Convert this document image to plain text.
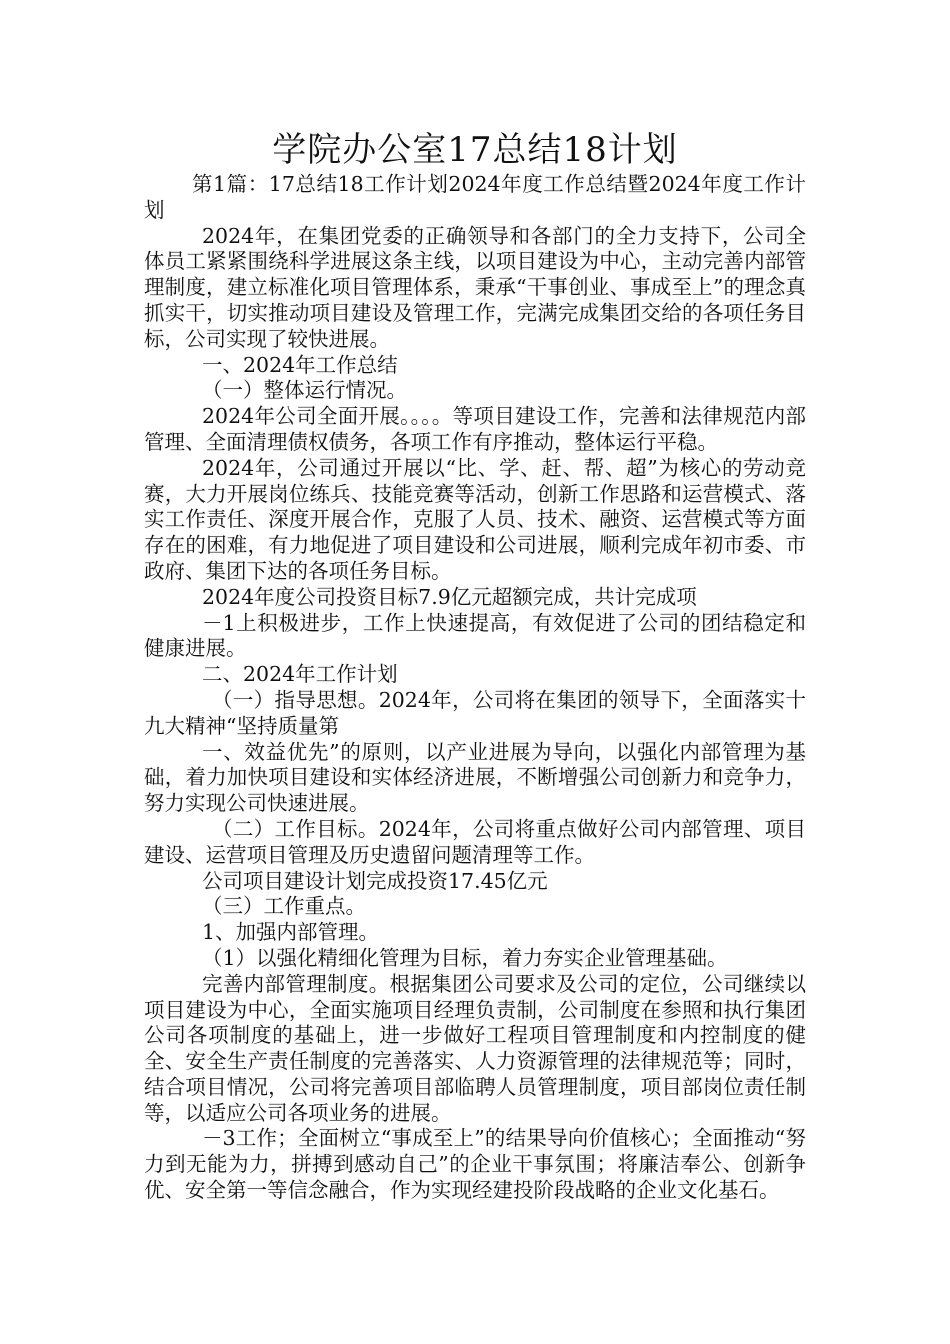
学院办公室17总结18计划

第1篇：17总结18工作计划2024年度工作总结暨2024年度工作计划

2024年，在集团党委的正确领导和各部门的全力支持下，公司全体员工紧紧围绕科学进展这条主线，以项目建设为中心，主动完善内部管理制度，建立标准化项目管理体系，秉承“干事创业、事成至上”的理念真抓实干，切实推动项目建设及管理工作，完满完成集团交给的各项任务目标，公司实现了较快进展。

一、2024年工作总结

（一）整体运行情况。

2024年公司全面开展。。。。等项目建设工作，完善和法律规范内部管理、全面清理债权债务，各项工作有序推动，整体运行平稳。

2024年，公司通过开展以“比、学、赶、帮、超”为核心的劳动竞赛，大力开展岗位练兵、技能竞赛等活动，创新工作思路和运营模式、落实工作责任、深度开展合作，克服了人员、技术、融资、运营模式等方面存在的困难，有力地促进了项目建设和公司进展，顺利完成年初市委、市政府、集团下达的各项任务目标。

2024年度公司投资目标7.9亿元超额完成，共计完成项

－1上积极进步，工作上快速提高，有效促进了公司的团结稳定和健康进展。

二、2024年工作计划

（一）指导思想。2024年，公司将在集团的领导下，全面落实十九大精神“坚持质量第

一、效益优先”的原则，以产业进展为导向，以强化内部管理为基础，着力加快项目建设和实体经济进展，不断增强公司创新力和竞争力，努力实现公司快速进展。

（二）工作目标。2024年，公司将重点做好公司内部管理、项目建设、运营项目管理及历史遗留问题清理等工作。

公司项目建设计划完成投资17.45亿元

（三）工作重点。

1、加强内部管理。

（1）以强化精细化管理为目标，着力夯实企业管理基础。

完善内部管理制度。根据集团公司要求及公司的定位，公司继续以项目建设为中心，全面实施项目经理负责制，公司制度在参照和执行集团公司各项制度的基础上，进一步做好工程项目管理制度和内控制度的健全、安全生产责任制度的完善落实、人力资源管理的法律规范等；同时，结合项目情况，公司将完善项目部临聘人员管理制度，项目部岗位责任制等，以适应公司各项业务的进展。

－3工作；全面树立“事成至上”的结果导向价值核心；全面推动“努力到无能为力，拼搏到感动自己”的企业干事氛围；将廉洁奉公、创新争优、安全第一等信念融合，作为实现经建投阶段战略的企业文化基石。
